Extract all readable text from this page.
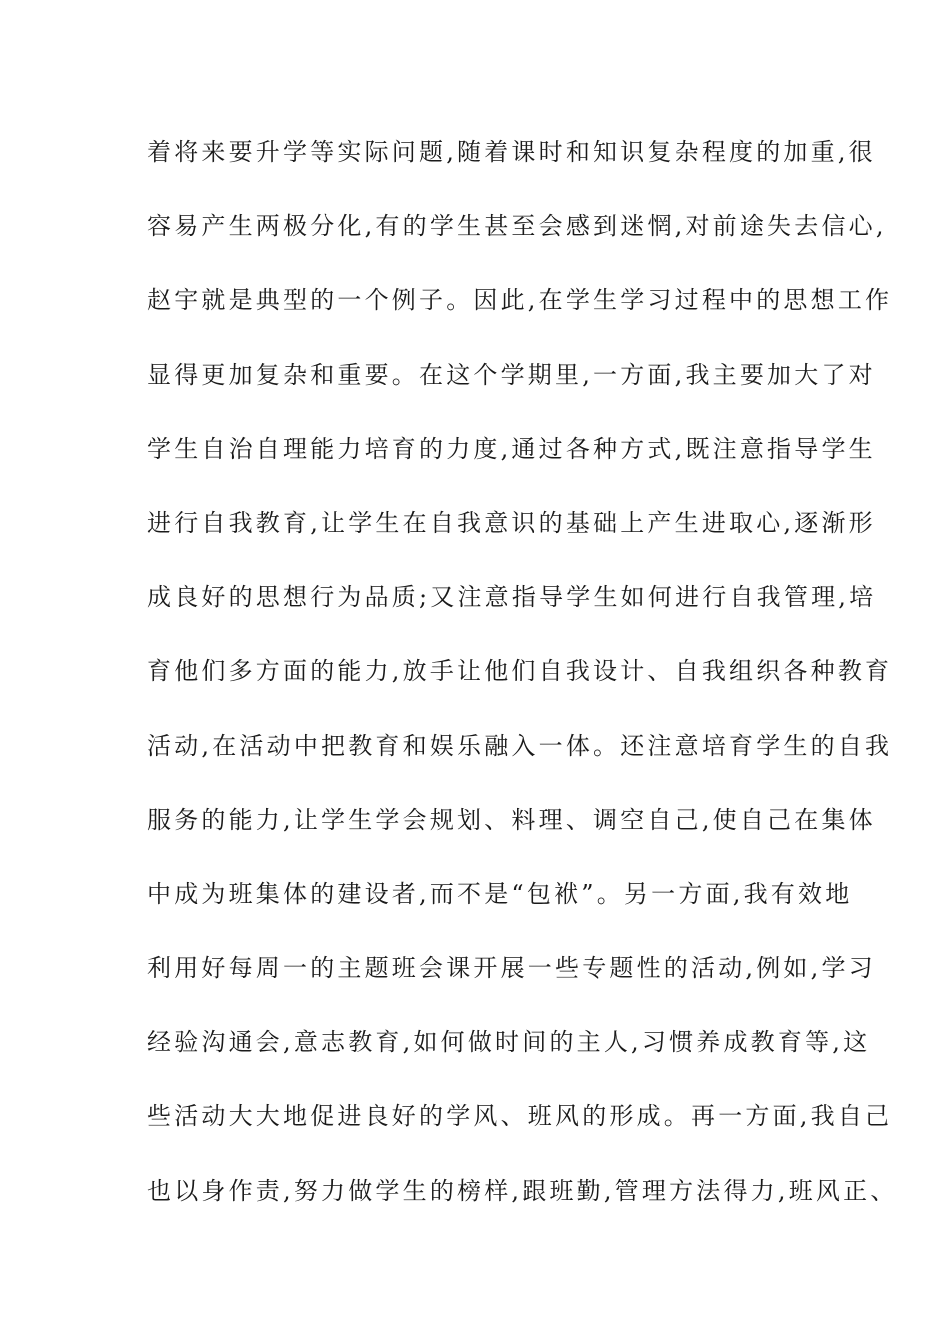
着将来要升学等实际问题,随着课时和知识复杂程度的加重,很
容易产生两极分化,有的学生甚至会感到迷惘,对前途失去信心,
赵宇就是典型的一个例子。因此,在学生学习过程中的思想工作
显得更加复杂和重要。在这个学期里,一方面,我主要加大了对
学生自治自理能力培育的力度,通过各种方式,既注意指导学生
进行自我教育,让学生在自我意识的基础上产生进取心,逐渐形
成良好的思想行为品质;又注意指导学生如何进行自我管理,培
育他们多方面的能力,放手让他们自我设计、自我组织各种教育
活动,在活动中把教育和娱乐融入一体。还注意培育学生的自我
服务的能力,让学生学会规划、料理、调空自己,使自己在集体
中成为班集体的建设者,而不是“包袱”。另一方面,我有效地
利用好每周一的主题班会课开展一些专题性的活动,例如,学习
经验沟通会,意志教育,如何做时间的主人,习惯养成教育等,这
些活动大大地促进良好的学风、班风的形成。再一方面,我自己
也以身作责,努力做学生的榜样,跟班勤,管理方法得力,班风正、
